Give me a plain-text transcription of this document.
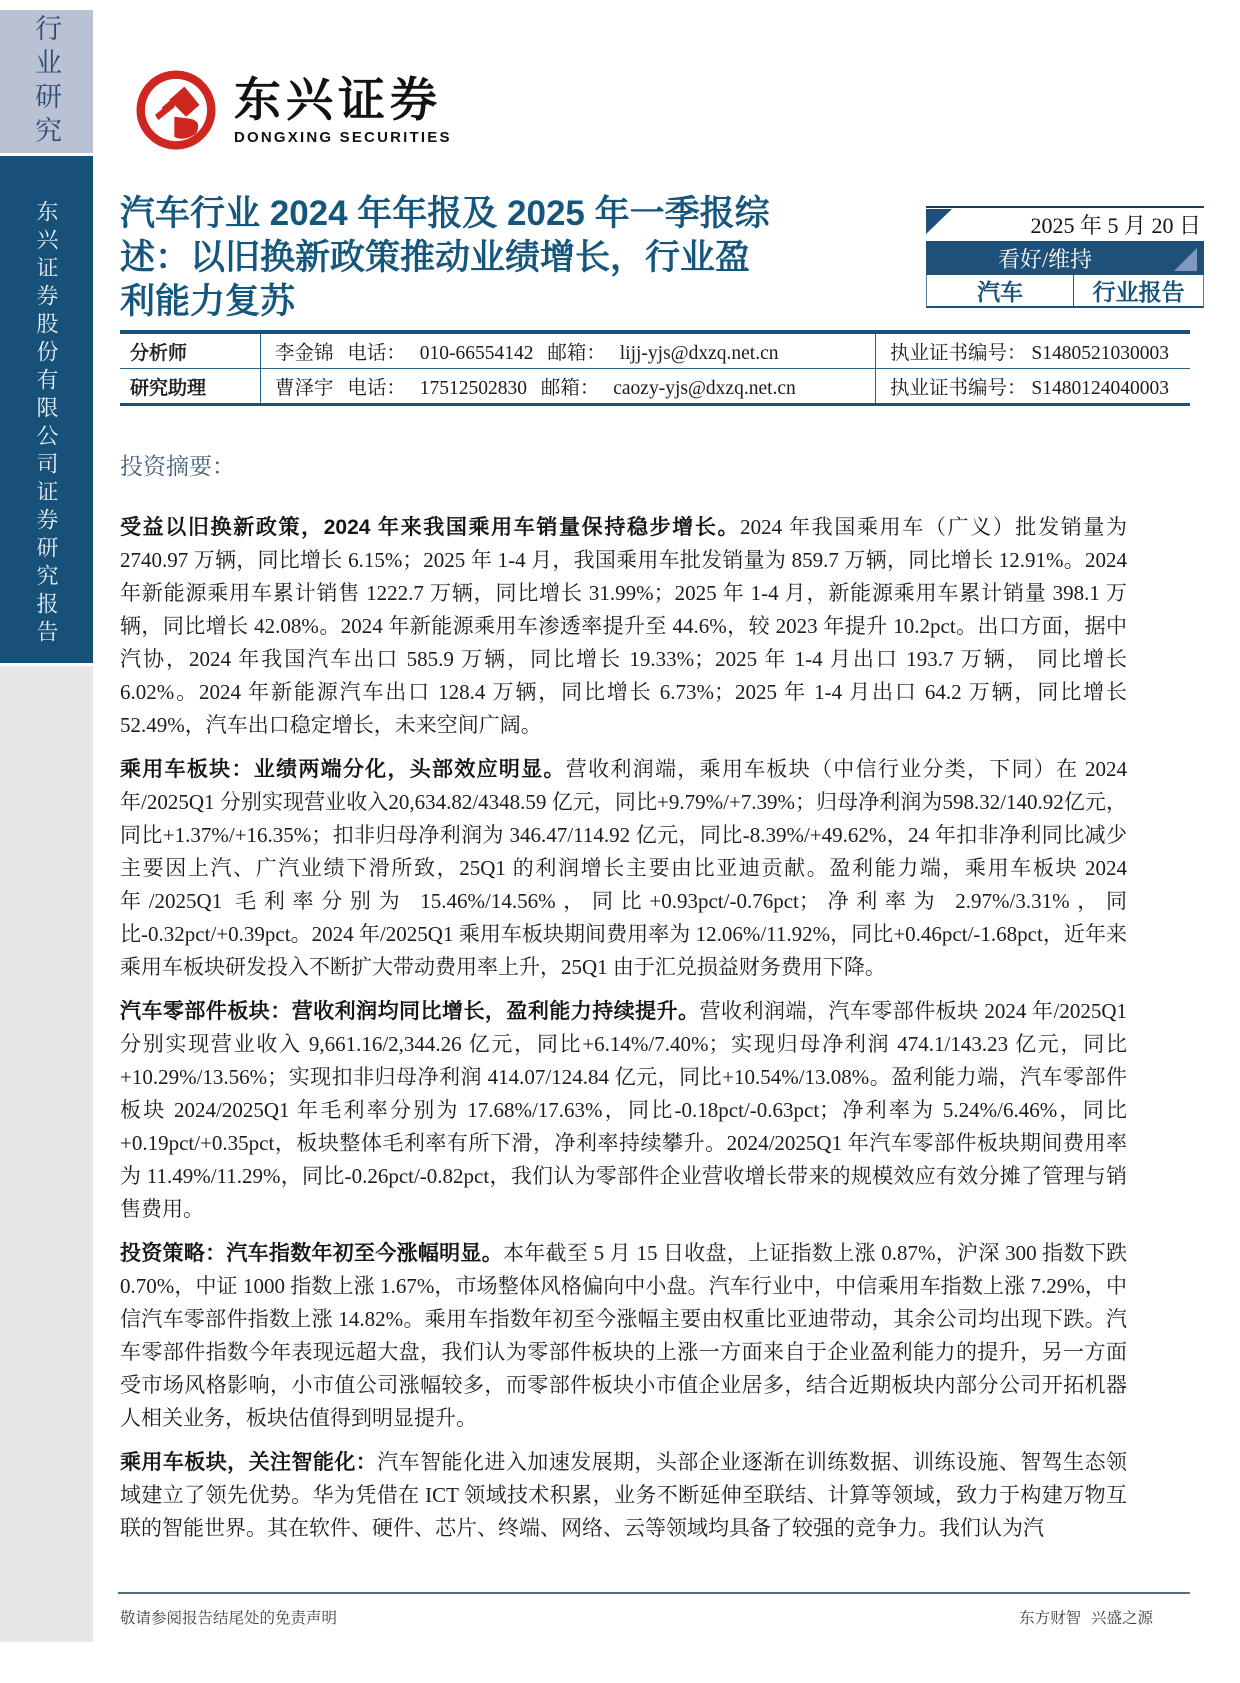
行业研究
东兴证券股份有限公司证券研究报告
东兴证券
DONGXING SECURITIES
汽车行业 2024 年年报及 2025 年一季报综
述：以旧换新政策推动业绩增长，行业盈
利能力复苏
2025 年 5 月 20 日
看好/维持
汽车	行业报告
分析师	李金锦 电话： 010-66554142 邮箱： lijj-yjs@dxzq.net.cn	执业证书编号： S1480521030003
研究助理	曹泽宇 电话： 17512502830 邮箱： caozy-yjs@dxzq.net.cn	执业证书编号： S1480124040003
投资摘要：

受益以旧换新政策，2024 年来我国乘用车销量保持稳步增长。2024 年我国乘用车（广义）批发销量为 2740.97 万辆，同比增长 6.15%；2025 年 1-4 月，我国乘用车批发销量为 859.7 万辆，同比增长 12.91%。2024 年新能源乘用车累计销售 1222.7 万辆，同比增长 31.99%；2025 年 1-4 月，新能源乘用车累计销量 398.1 万辆，同比增长 42.08%。2024 年新能源乘用车渗透率提升至 44.6%，较 2023 年提升 10.2pct。出口方面，据中汽协，2024 年我国汽车出口 585.9 万辆，同比增长 19.33%；2025 年 1-4 月出口 193.7 万辆， 同比增长 6.02%。2024 年新能源汽车出口 128.4 万辆，同比增长 6.73%；2025 年 1-4 月出口 64.2 万辆，同比增长 52.49%，汽车出口稳定增长，未来空间广阔。

乘用车板块：业绩两端分化，头部效应明显。营收利润端，乘用车板块（中信行业分类，下同）在 2024 年/2025Q1 分别实现营业收入20,634.82/4348.59 亿元，同比+9.79%/+7.39%；归母净利润为598.32/140.92亿元，同比+1.37%/+16.35%；扣非归母净利润为 346.47/114.92 亿元，同比-8.39%/+49.62%，24 年扣非净利同比减少主要因上汽、广汽业绩下滑所致，25Q1 的利润增长主要由比亚迪贡献。盈利能力端，乘用车板块 2024 年/2025Q1 毛利率分别为 15.46%/14.56%，同比+0.93pct/-0.76pct；净利率为 2.97%/3.31%，同比-0.32pct/+0.39pct。2024 年/2025Q1 乘用车板块期间费用率为 12.06%/11.92%，同比+0.46pct/-1.68pct，近年来乘用车板块研发投入不断扩大带动费用率上升，25Q1 由于汇兑损益财务费用下降。

汽车零部件板块：营收利润均同比增长，盈利能力持续提升。营收利润端，汽车零部件板块 2024 年/2025Q1 分别实现营业收入 9,661.16/2,344.26 亿元，同比+6.14%/7.40%；实现归母净利润 474.1/143.23 亿元，同比+10.29%/13.56%；实现扣非归母净利润 414.07/124.84 亿元，同比+10.54%/13.08%。盈利能力端，汽车零部件板块 2024/2025Q1 年毛利率分别为 17.68%/17.63%，同比-0.18pct/-0.63pct；净利率为 5.24%/6.46%，同比+0.19pct/+0.35pct，板块整体毛利率有所下滑，净利率持续攀升。2024/2025Q1 年汽车零部件板块期间费用率为 11.49%/11.29%，同比-0.26pct/-0.82pct，我们认为零部件企业营收增长带来的规模效应有效分摊了管理与销售费用。

投资策略：汽车指数年初至今涨幅明显。本年截至 5 月 15 日收盘，上证指数上涨 0.87%，沪深 300 指数下跌 0.70%，中证 1000 指数上涨 1.67%，市场整体风格偏向中小盘。汽车行业中，中信乘用车指数上涨 7.29%，中信汽车零部件指数上涨 14.82%。乘用车指数年初至今涨幅主要由权重比亚迪带动，其余公司均出现下跌。汽车零部件指数今年表现远超大盘，我们认为零部件板块的上涨一方面来自于企业盈利能力的提升，另一方面受市场风格影响，小市值公司涨幅较多，而零部件板块小市值企业居多，结合近期板块内部分公司开拓机器人相关业务，板块估值得到明显提升。

乘用车板块，关注智能化：汽车智能化进入加速发展期，头部企业逐渐在训练数据、训练设施、智驾生态领域建立了领先优势。华为凭借在 ICT 领域技术积累，业务不断延伸至联结、计算等领域，致力于构建万物互联的智能世界。其在软件、硬件、芯片、终端、网络、云等领域均具备了较强的竞争力。我们认为汽

敬请参阅报告结尾处的免责声明	东方财智 兴盛之源
